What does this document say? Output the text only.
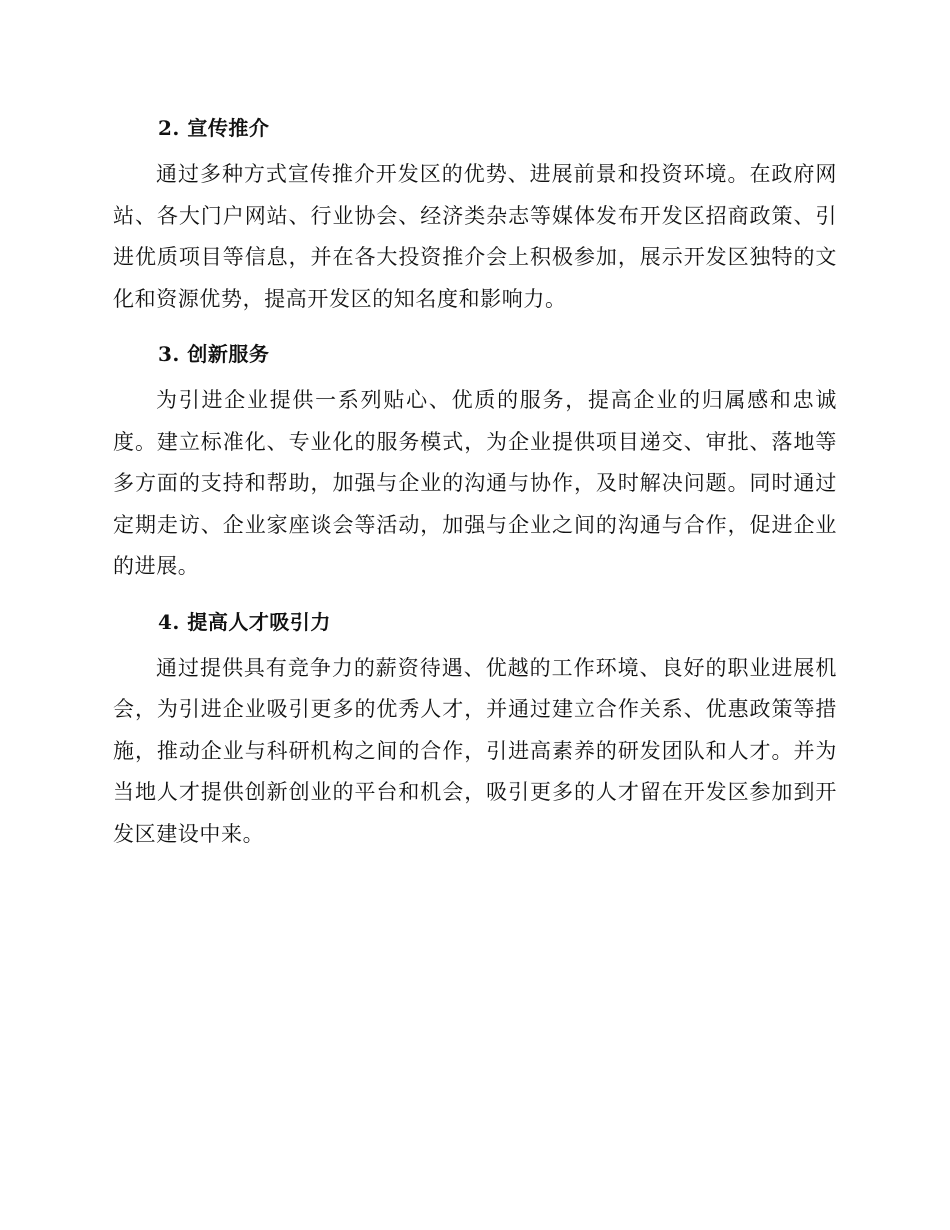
2. 宣传推介

通过多种方式宣传推介开发区的优势、进展前景和投资环境。在政府网站、各大门户网站、行业协会、经济类杂志等媒体发布开发区招商政策、引进优质项目等信息，并在各大投资推介会上积极参加，展示开发区独特的文化和资源优势，提高开发区的知名度和影响力。

3. 创新服务

为引进企业提供一系列贴心、优质的服务，提高企业的归属感和忠诚度。建立标准化、专业化的服务模式，为企业提供项目递交、审批、落地等多方面的支持和帮助，加强与企业的沟通与协作，及时解决问题。同时通过定期走访、企业家座谈会等活动，加强与企业之间的沟通与合作，促进企业的进展。

4. 提高人才吸引力

通过提供具有竞争力的薪资待遇、优越的工作环境、良好的职业进展机会，为引进企业吸引更多的优秀人才，并通过建立合作关系、优惠政策等措施，推动企业与科研机构之间的合作，引进高素养的研发团队和人才。并为当地人才提供创新创业的平台和机会，吸引更多的人才留在开发区参加到开发区建设中来。
